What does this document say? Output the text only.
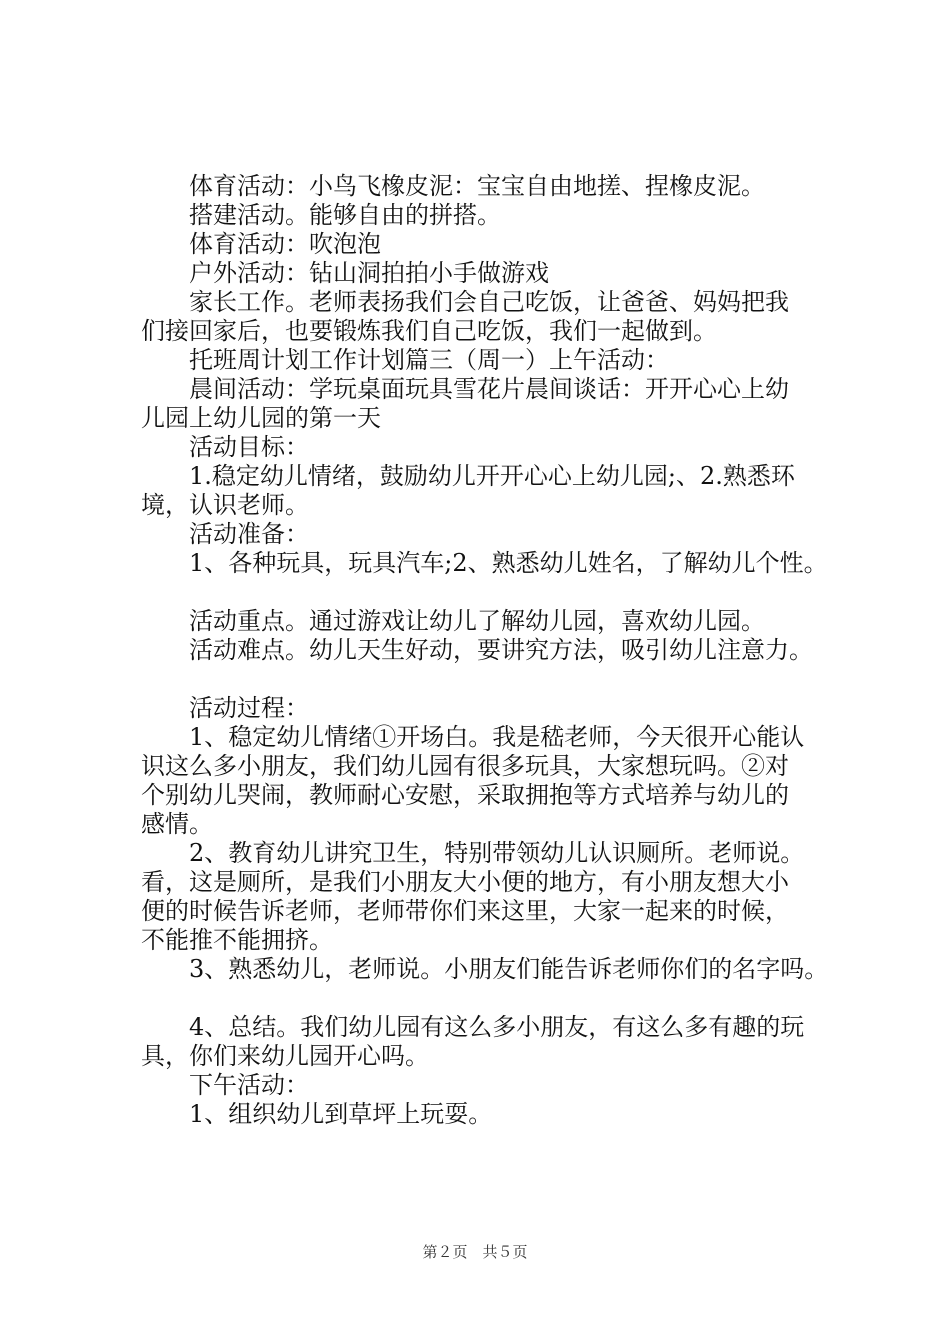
　　体育活动：小鸟飞橡皮泥：宝宝自由地搓、捏橡皮泥。
　　搭建活动。能够自由的拼搭。
　　体育活动：吹泡泡
　　户外活动：钻山洞拍拍小手做游戏
　　家长工作。老师表扬我们会自己吃饭，让爸爸、妈妈把我
们接回家后，也要锻炼我们自己吃饭，我们一起做到。
　　托班周计划工作计划篇三（周一）上午活动：
　　晨间活动：学玩桌面玩具雪花片晨间谈话：开开心心上幼
儿园上幼儿园的第一天
　　活动目标：
　　1.稳定幼儿情绪，鼓励幼儿开开心心上幼儿园;、2.熟悉环
境，认识老师。
　　活动准备：
　　1、各种玩具，玩具汽车;2、熟悉幼儿姓名，了解幼儿个性。
　　活动重点。通过游戏让幼儿了解幼儿园，喜欢幼儿园。
　　活动难点。幼儿天生好动，要讲究方法，吸引幼儿注意力。
　　活动过程：
　　1、稳定幼儿情绪①开场白。我是嵇老师，今天很开心能认
识这么多小朋友，我们幼儿园有很多玩具，大家想玩吗。②对
个别幼儿哭闹，教师耐心安慰，采取拥抱等方式培养与幼儿的
感情。
　　2、教育幼儿讲究卫生，特别带领幼儿认识厕所。老师说。
看，这是厕所，是我们小朋友大小便的地方，有小朋友想大小
便的时候告诉老师，老师带你们来这里，大家一起来的时候，
不能推不能拥挤。
　　3、熟悉幼儿，老师说。小朋友们能告诉老师你们的名字吗。
　　4、总结。我们幼儿园有这么多小朋友，有这么多有趣的玩
具，你们来幼儿园开心吗。
　　下午活动：
　　1、组织幼儿到草坪上玩耍。
第２页　共５页
